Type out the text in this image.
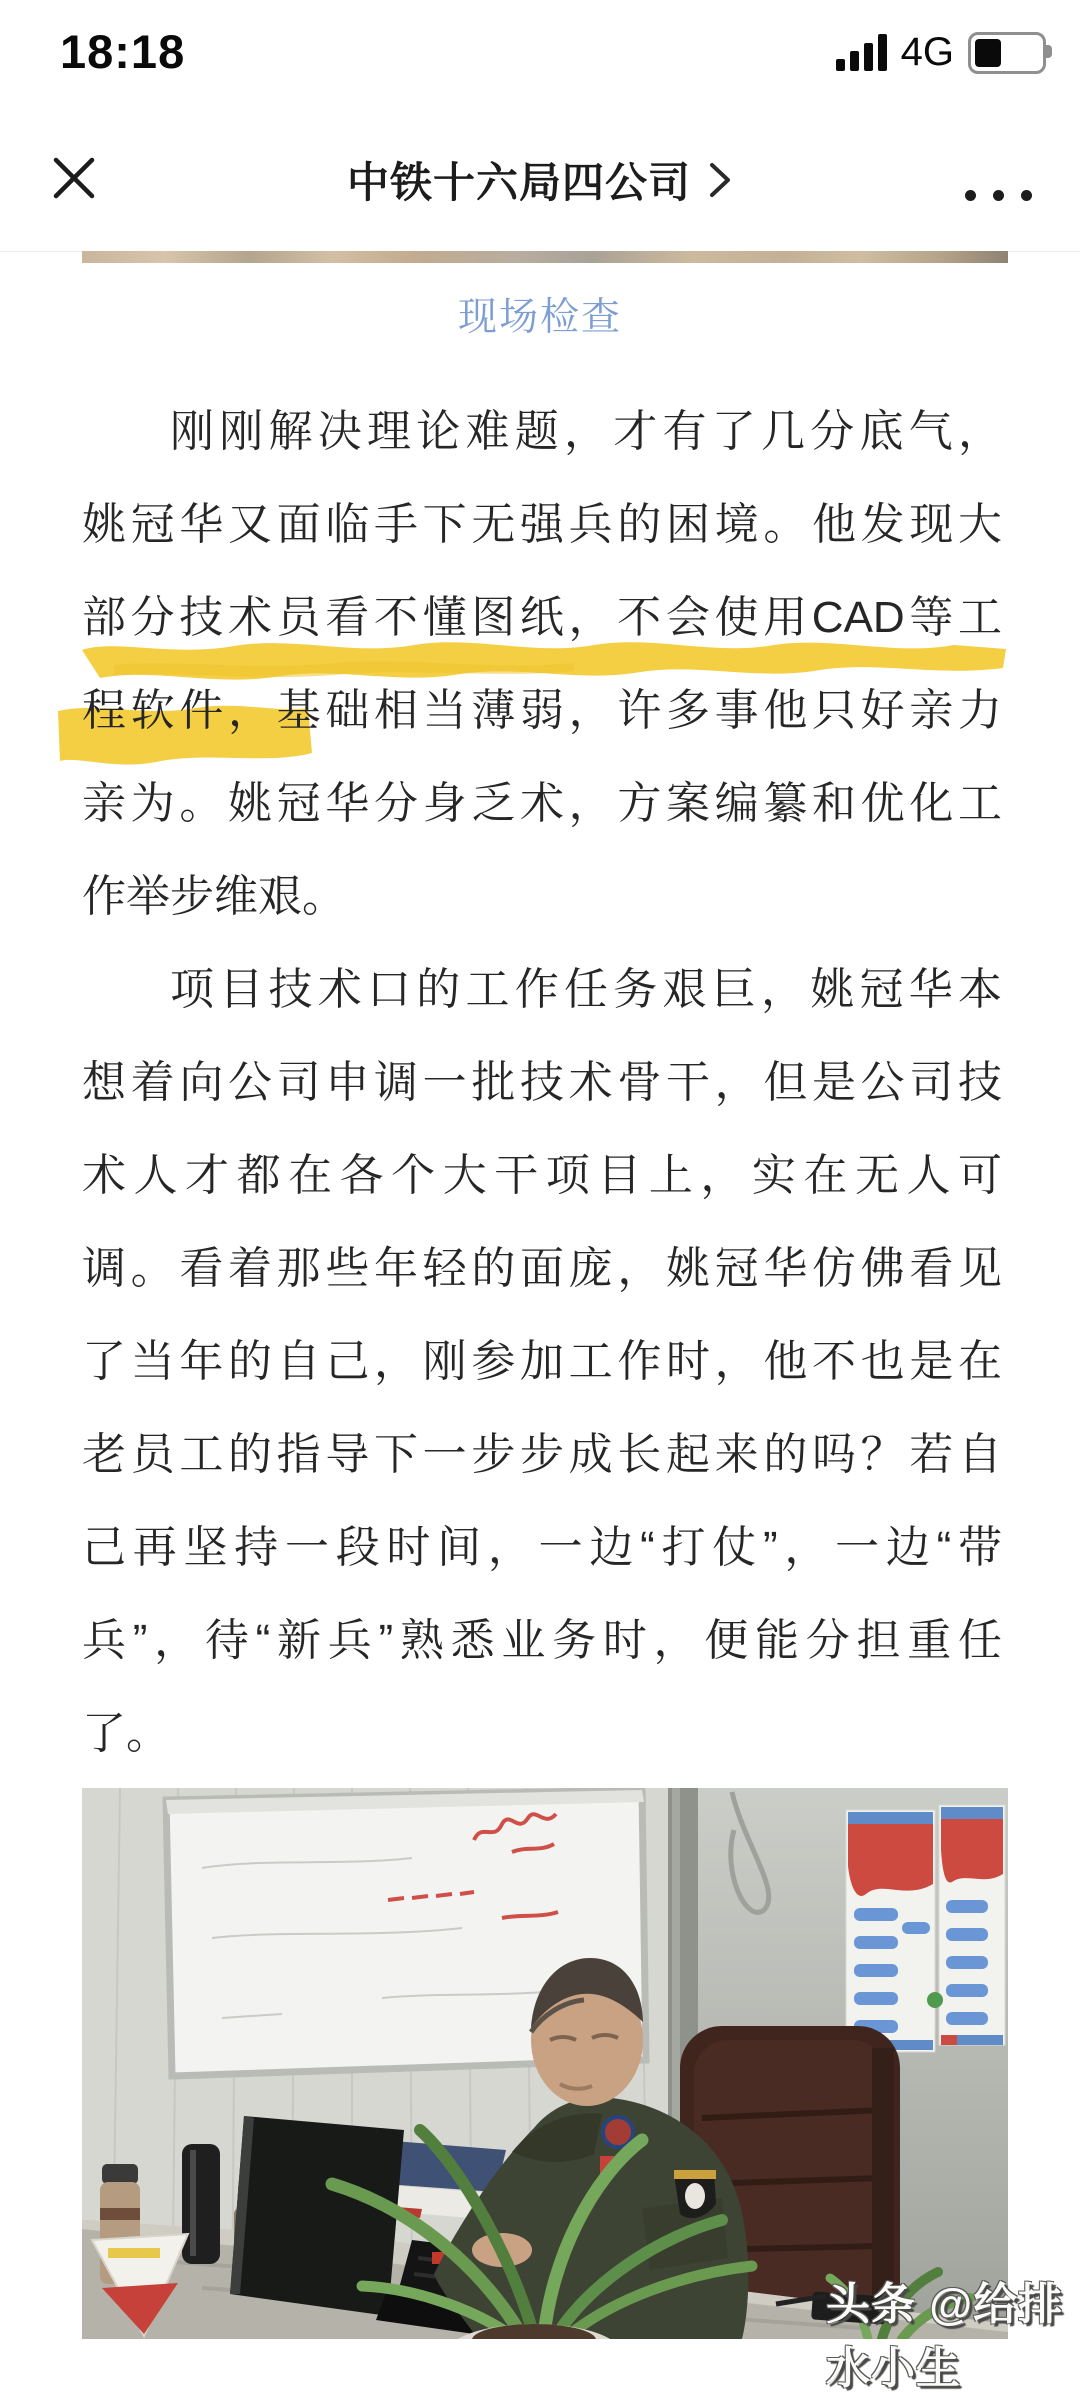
18:18	4G
中铁十六局四公司
现场检查
刚刚解决理论难题，才有了几分底气，
姚冠华又面临手下无强兵的困境。他发现大
部分技术员看不懂图纸，不会使用CAD等工
程软件，基础相当薄弱，许多事他只好亲力
亲为。姚冠华分身乏术，方案编纂和优化工
作举步维艰。
项目技术口的工作任务艰巨，姚冠华本
想着向公司申调一批技术骨干，但是公司技
术人才都在各个大干项目上，实在无人可
调。看着那些年轻的面庞，姚冠华仿佛看见
了当年的自己，刚参加工作时，他不也是在
老员工的指导下一步步成长起来的吗？若自
己再坚持一段时间，一边“打仗”，一边“带
兵”，待“新兵”熟悉业务时，便能分担重任
了。
头条 @给排水小生
